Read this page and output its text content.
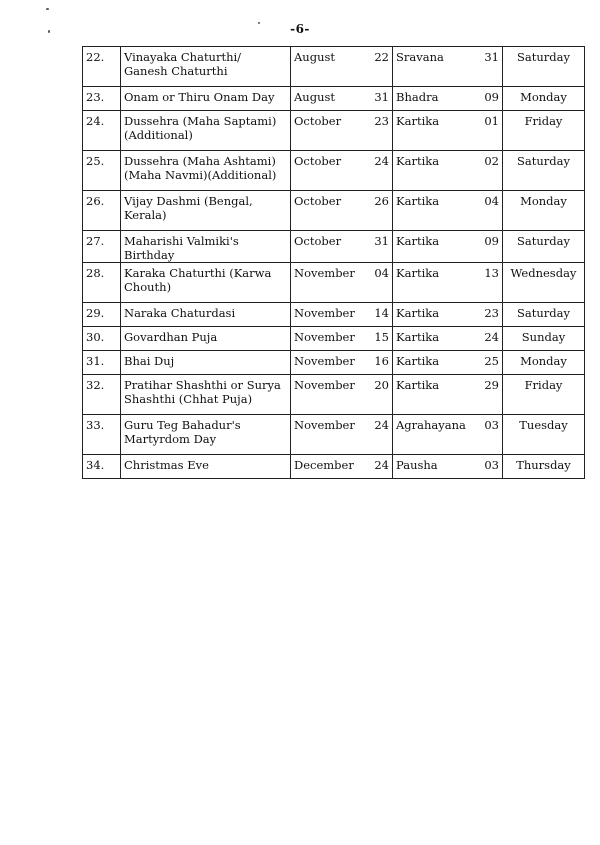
-6-
22.	Vinayaka Chaturthi/ Ganesh Chaturthi	August	22	Sravana	31	Saturday
23.	Onam or Thiru Onam Day	August	31	Bhadra	09	Monday
24.	Dussehra (Maha Saptami) (Additional)	October	23	Kartika	01	Friday
25.	Dussehra (Maha Ashtami) (Maha Navmi)(Additional)	October	24	Kartika	02	Saturday
26.	Vijay Dashmi (Bengal, Kerala)	October	26	Kartika	04	Monday
27.	Maharishi Valmiki's Birthday	October	31	Kartika	09	Saturday
28.	Karaka Chaturthi (Karwa Chouth)	November	04	Kartika	13	Wednesday
29.	Naraka Chaturdasi	November	14	Kartika	23	Saturday
30.	Govardhan Puja	November	15	Kartika	24	Sunday
31.	Bhai Duj	November	16	Kartika	25	Monday
32.	Pratihar Shashthi or Surya Shashthi (Chhat Puja)	November	20	Kartika	29	Friday
33.	Guru Teg Bahadur's Martyrdom Day	November	24	Agrahayana	03	Tuesday
34.	Christmas Eve	December	24	Pausha	03	Thursday
